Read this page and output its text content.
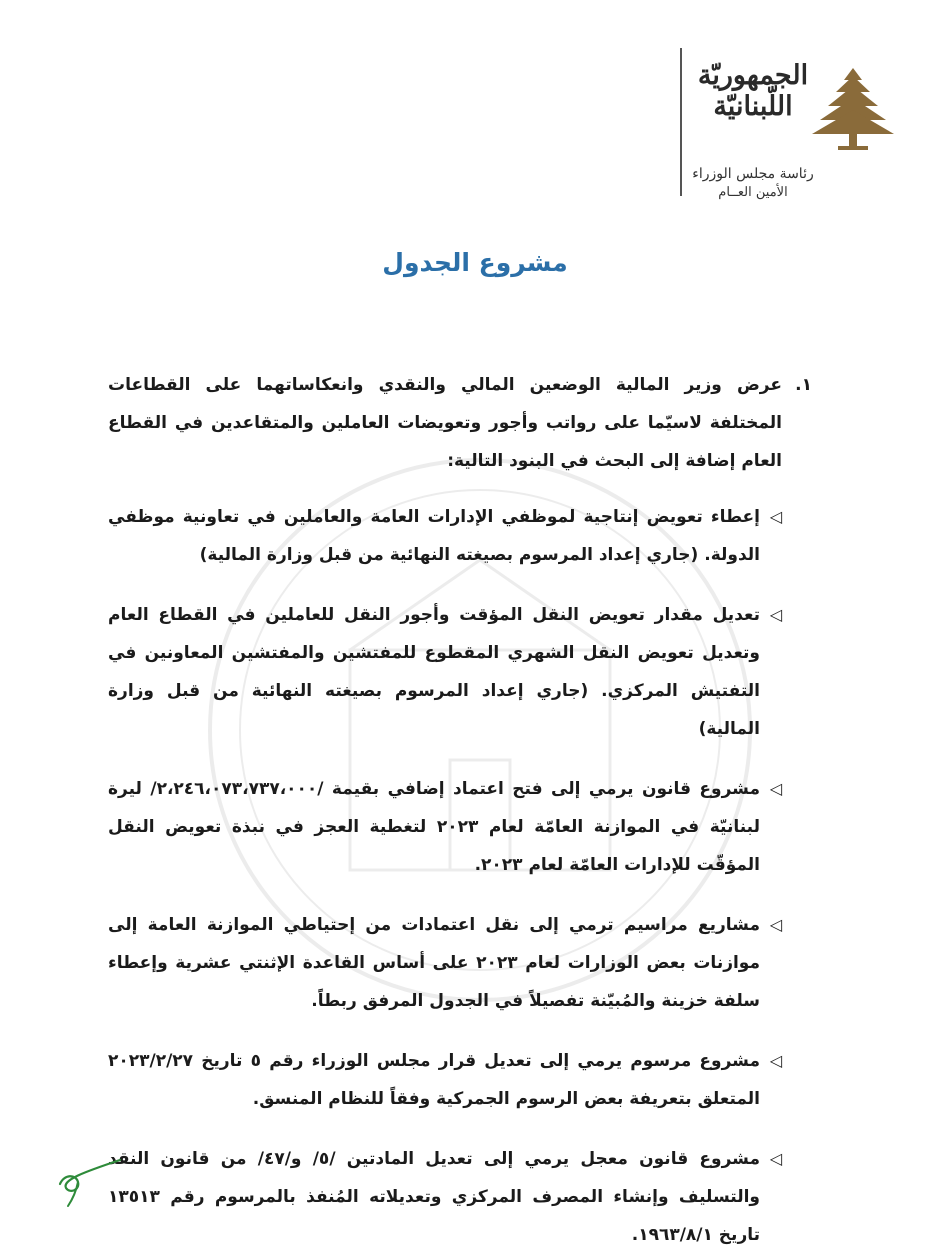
الجمهوريّة
اللّبنانيّة
رئاسة مجلس الوزراء
الأمين العــام
مشروع الجدول
١.

عرض وزير المالية الوضعين المالي والنقدي وانعكاساتهما على القطاعات المختلفة لاسيّما على رواتب وأجور وتعويضات العاملين والمتقاعدين في القطاع العام إضافة إلى البحث في البنود التالية:

◁

إعطاء تعويض إنتاجية لموظفي الإدارات العامة والعاملين في تعاونية موظفي الدولة. (جاري إعداد المرسوم بصيغته النهائية من قبل وزارة المالية)

◁

تعديل مقدار تعويض النقل المؤقت وأجور النقل للعاملين في القطاع العام وتعديل تعويض النقل الشهري المقطوع للمفتشين والمفتشين المعاونين في التفتيش المركزي. (جاري إعداد المرسوم بصيغته النهائية من قبل وزارة المالية)

◁

مشروع قانون يرمي إلى فتح اعتماد إضافي بقيمة /٢،٢٤٦،٠٧٣،٧٣٧،٠٠٠/ ليرة لبنانيّة في الموازنة العامّة لعام ٢٠٢٣ لتغطية العجز في نبذة تعويض النقل المؤقّت للإدارات العامّة لعام ٢٠٢٣.

◁

مشاريع مراسيم ترمي إلى نقل اعتمادات من إحتياطي الموازنة العامة إلى موازنات بعض الوزارات لعام ٢٠٢٣ على أساس القاعدة الإثنتي عشرية وإعطاء سلفة خزينة والمُبيّنة تفصيلاً في الجدول المرفق ربطاً.

◁

مشروع مرسوم يرمي إلى تعديل قرار مجلس الوزراء رقم ٥ تاريخ ٢٠٢٣/٢/٢٧ المتعلق بتعريفة بعض الرسوم الجمركية وفقاً للنظام المنسق.

◁

مشروع قانون معجل يرمي إلى تعديل المادتين /٥/ و/٤٧/ من قانون النقد والتسليف وإنشاء المصرف المركزي وتعديلاته المُنفذ بالمرسوم رقم ١٣٥١٣ تاريخ ١٩٦٣/٨/١.
